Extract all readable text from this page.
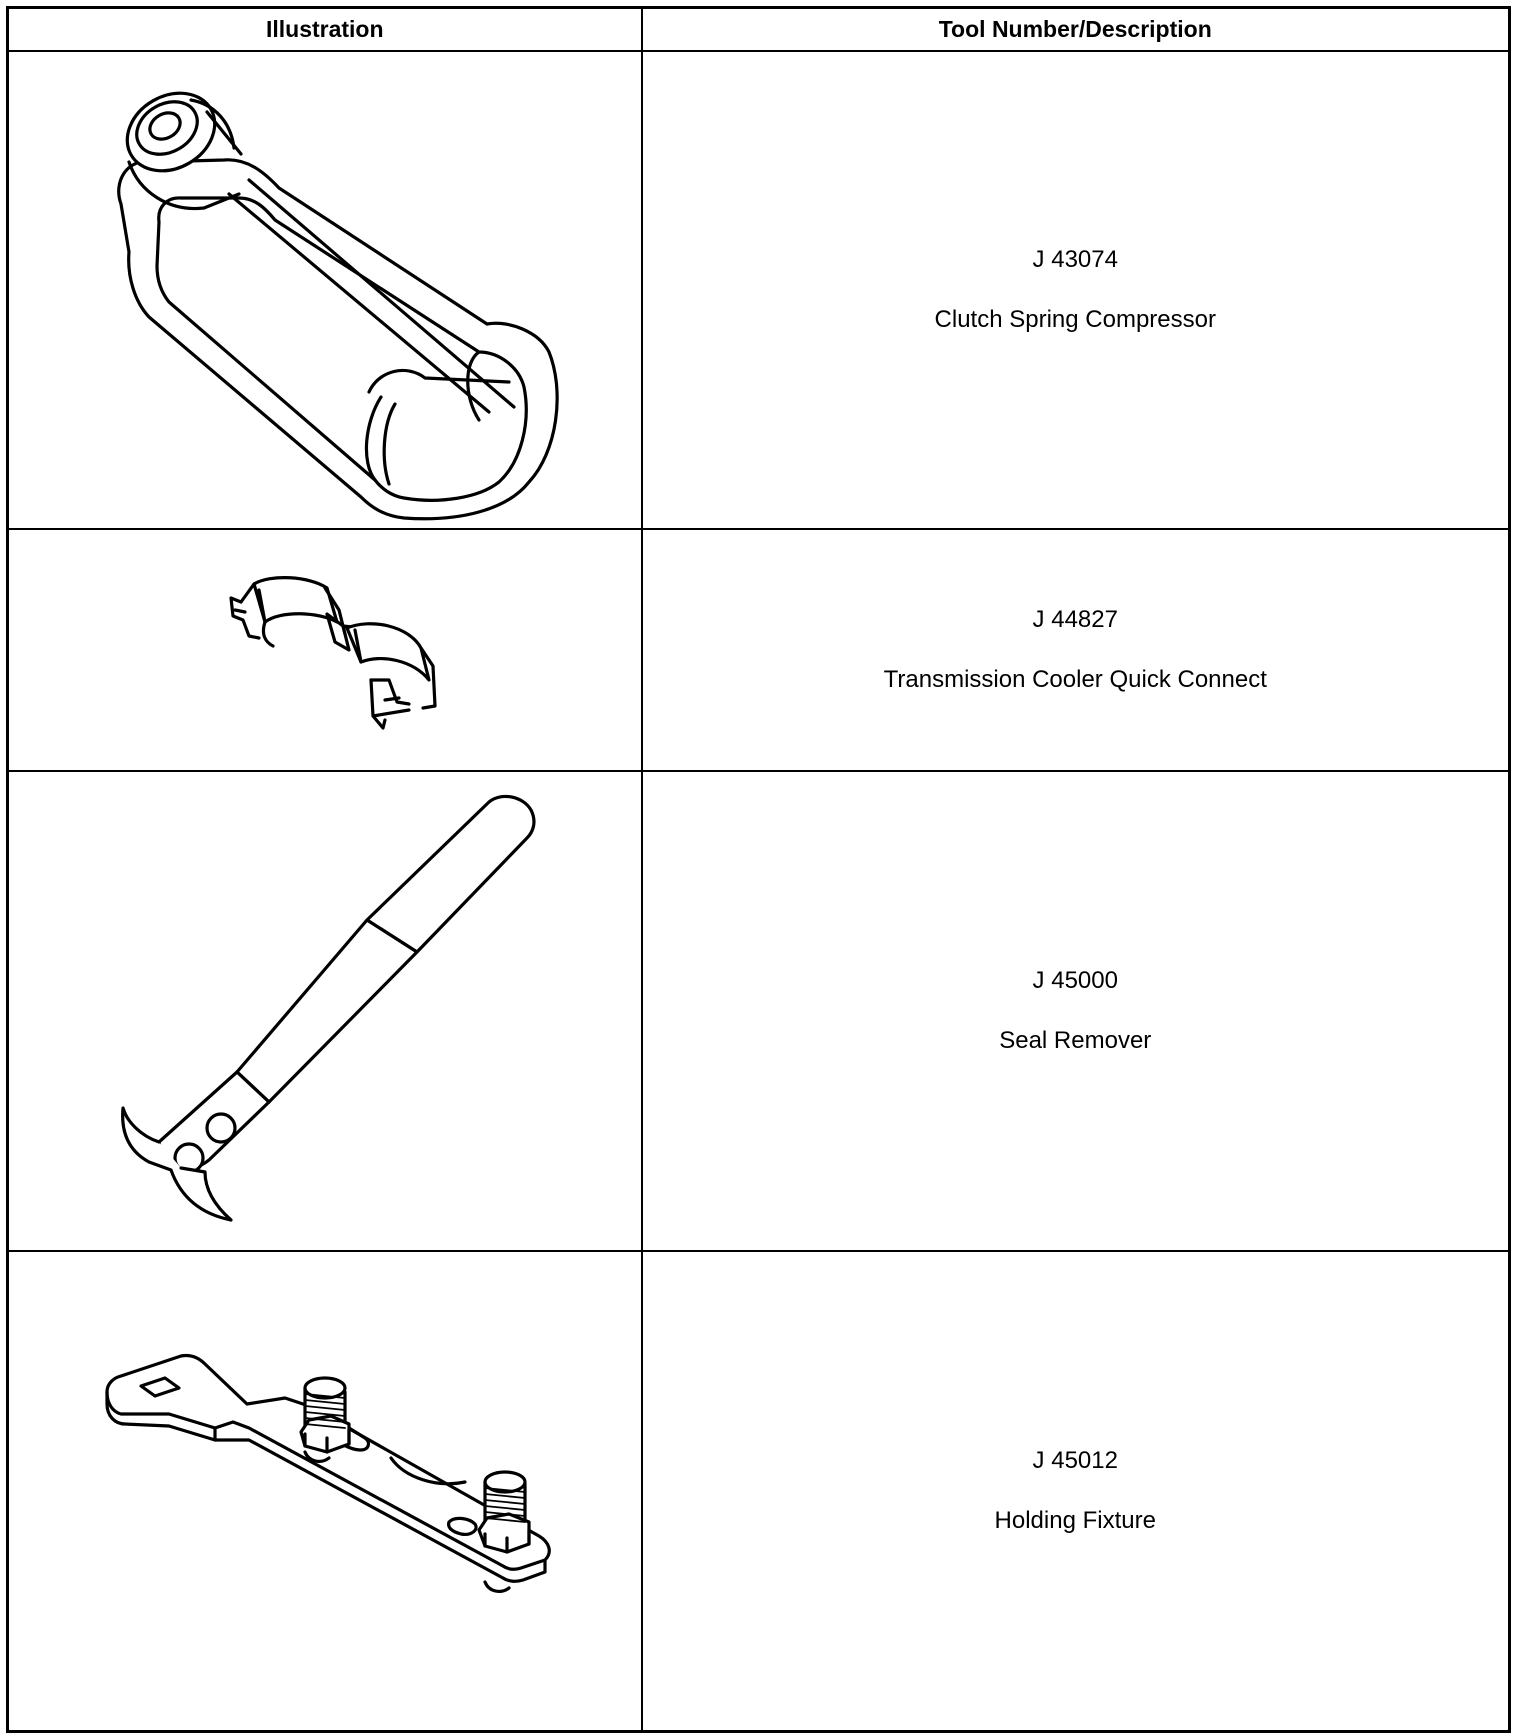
Illustration	Tool Number/Description

J 43074
Clutch Spring Compressor

J 44827
Transmission Cooler Quick Connect

J 45000
Seal Remover

J 45012
Holding Fixture
